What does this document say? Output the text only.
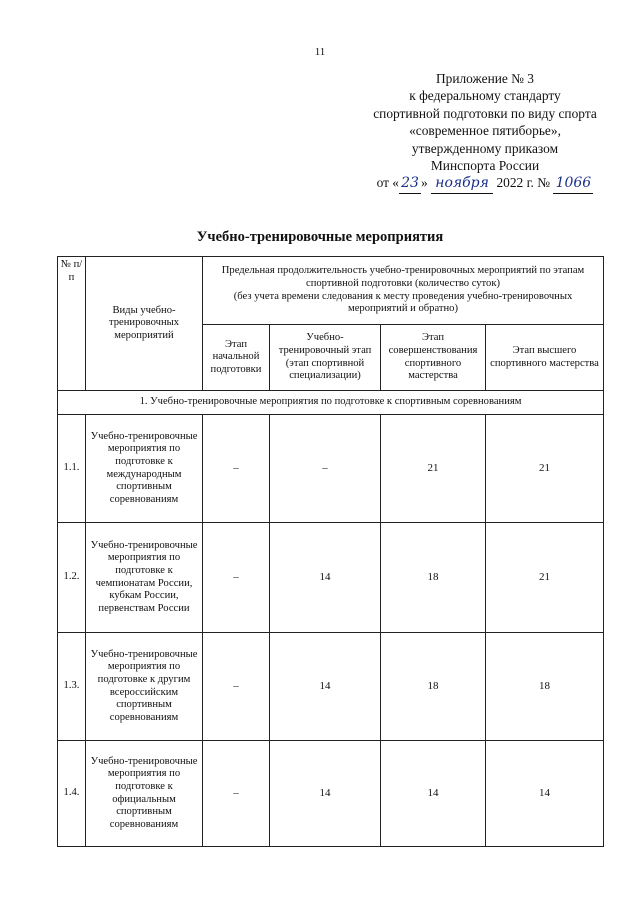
11
Приложение № 3
к федеральному стандарту
спортивной подготовки по виду спорта
«современное пятиборье»,
утвержденному приказом
Минспорта России
от « 23 » ноября 2022 г. № 1066
Учебно-тренировочные мероприятия
№ п/п	Виды учебно-тренировочных мероприятий	Предельная продолжительность учебно-тренировочных мероприятий по этапам спортивной подготовки (количество суток)
(без учета времени следования к месту проведения учебно-тренировочных мероприятий и обратно)			

		Этап начальной подготовки	Учебно-тренировочный этап (этап спортивной специализации)	Этап совершенствования спортивного мастерства	Этап высшего спортивного мастерства
1. Учебно-тренировочные мероприятия по подготовке к спортивным соревнованиям					
1.1.	Учебно-тренировочные мероприятия по подготовке к международным спортивным соревнованиям	–	–	21	21
1.2.	Учебно-тренировочные мероприятия по подготовке к чемпионатам России, кубкам России, первенствам России	–	14	18	21
1.3.	Учебно-тренировочные мероприятия по подготовке к другим всероссийским спортивным соревнованиям	–	14	18	18
1.4.	Учебно-тренировочные мероприятия по подготовке к официальным спортивным соревнованиям	–	14	14	14
